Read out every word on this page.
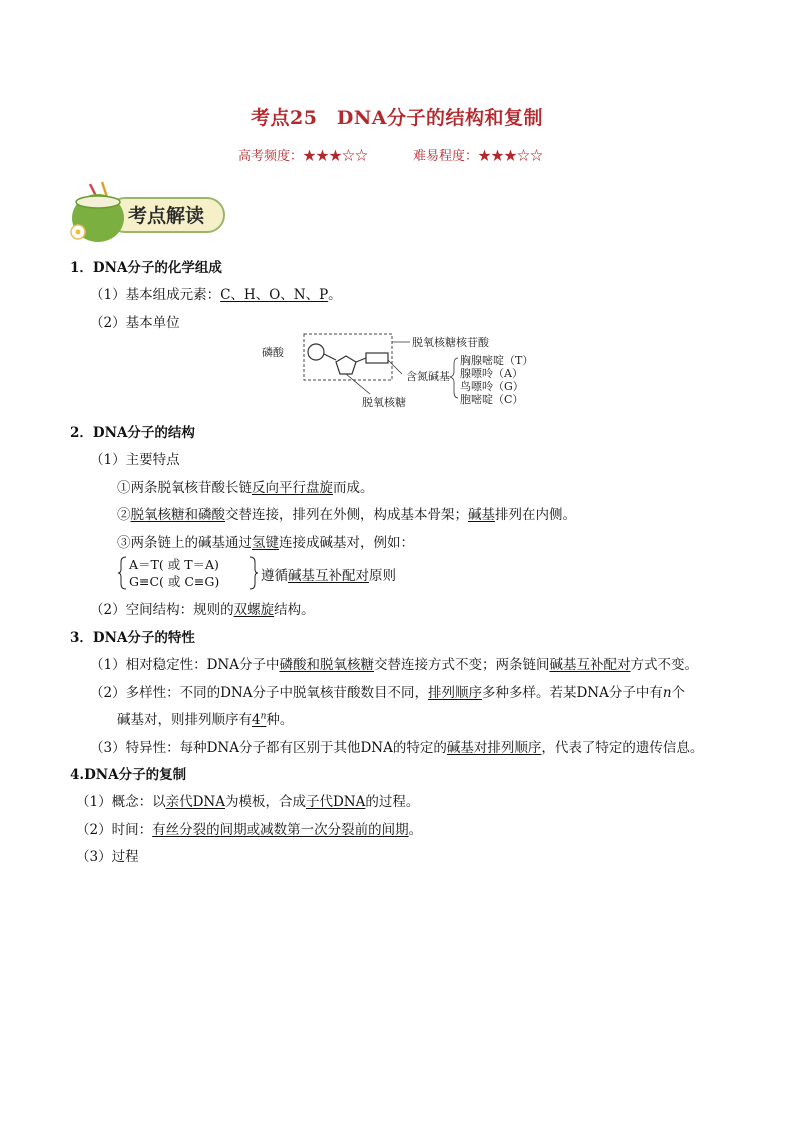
考点25　DNA分子的结构和复制
高考频度：★★★☆☆	难易程度：★★★☆☆
考点解读
1．DNA分子的化学组成
（1）基本组成元素：C、H、O、N、P。
（2）基本单位
磷酸
脱氧核糖核苷酸
含氮碱基
胸腺嘧啶（T）
腺嘌呤（A）
鸟嘌呤（G）
胞嘧啶（C）
脱氧核糖
2．DNA分子的结构
（1）主要特点
①两条脱氧核苷酸长链反向平行盘旋而成。
②脱氧核糖和磷酸交替连接，排列在外侧，构成基本骨架；碱基排列在内侧。
③两条链上的碱基通过氢键连接成碱基对，例如：
A＝T( 或 T＝A)
G≡C( 或 C≡G)	遵循碱基互补配对原则
（2）空间结构：规则的双螺旋结构。
3．DNA分子的特性
（1）相对稳定性：DNA分子中磷酸和脱氧核糖交替连接方式不变；两条链间碱基互补配对方式不变。
（2）多样性：不同的DNA分子中脱氧核苷酸数目不同，排列顺序多种多样。若某DNA分子中有n个
碱基对，则排列顺序有4$^n$种。
（3）特异性：每种DNA分子都有区别于其他DNA的特定的碱基对排列顺序，代表了特定的遗传信息。
4.DNA分子的复制
（1）概念：以亲代DNA为模板，合成子代DNA的过程。
（2）时间：有丝分裂的间期或减数第一次分裂前的间期。
（3）过程
